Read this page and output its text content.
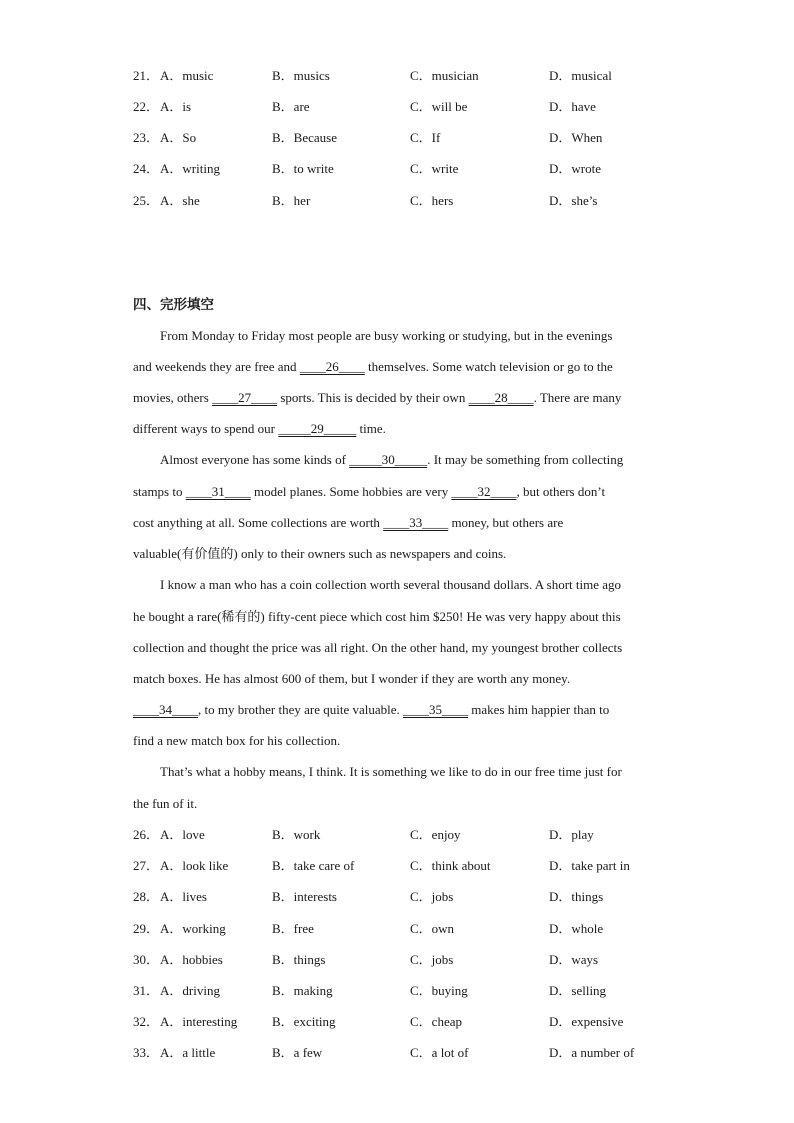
21． A．music	B．musics	C．musician	D．musical
22． A．is	B．are	C．will be	D．have
23． A．So	B．Because	C．If	D．When
24． A．writing	B．to write	C．write	D．wrote
25． A．she	B．her	C．hers	D．she’s
四、完形填空
From Monday to Friday most people are busy working or studying, but in the evenings
and weekends they are free and ____26____ themselves. Some watch television or go to the
movies, others ____27____ sports. This is decided by their own ____28____. There are many
different ways to spend our _____29_____ time.
Almost everyone has some kinds of _____30_____. It may be something from collecting
stamps to ____31____ model planes. Some hobbies are very ____32____, but others don’t
cost anything at all. Some collections are worth ____33____ money, but others are
valuable(有价值的) only to their owners such as newspapers and coins.
I know a man who has a coin collection worth several thousand dollars. A short time ago
he bought a rare(稀有的) fifty-cent piece which cost him $250! He was very happy about this
collection and thought the price was all right. On the other hand, my youngest brother collects
match boxes. He has almost 600 of them, but I wonder if they are worth any money.
____34____, to my brother they are quite valuable. ____35____ makes him happier than to
find a new match box for his collection.
That’s what a hobby means, I think. It is something we like to do in our free time just for
the fun of it.
26． A．love	B．work	C．enjoy	D．play
27． A．look like	B．take care of	C．think about	D．take part in
28． A．lives	B．interests	C．jobs	D．things
29． A．working	B．free	C．own	D．whole
30． A．hobbies	B．things	C．jobs	D．ways
31． A．driving	B．making	C．buying	D．selling
32． A．interesting	B．exciting	C．cheap	D．expensive
33． A．a little	B．a few	C．a lot of	D．a number of
